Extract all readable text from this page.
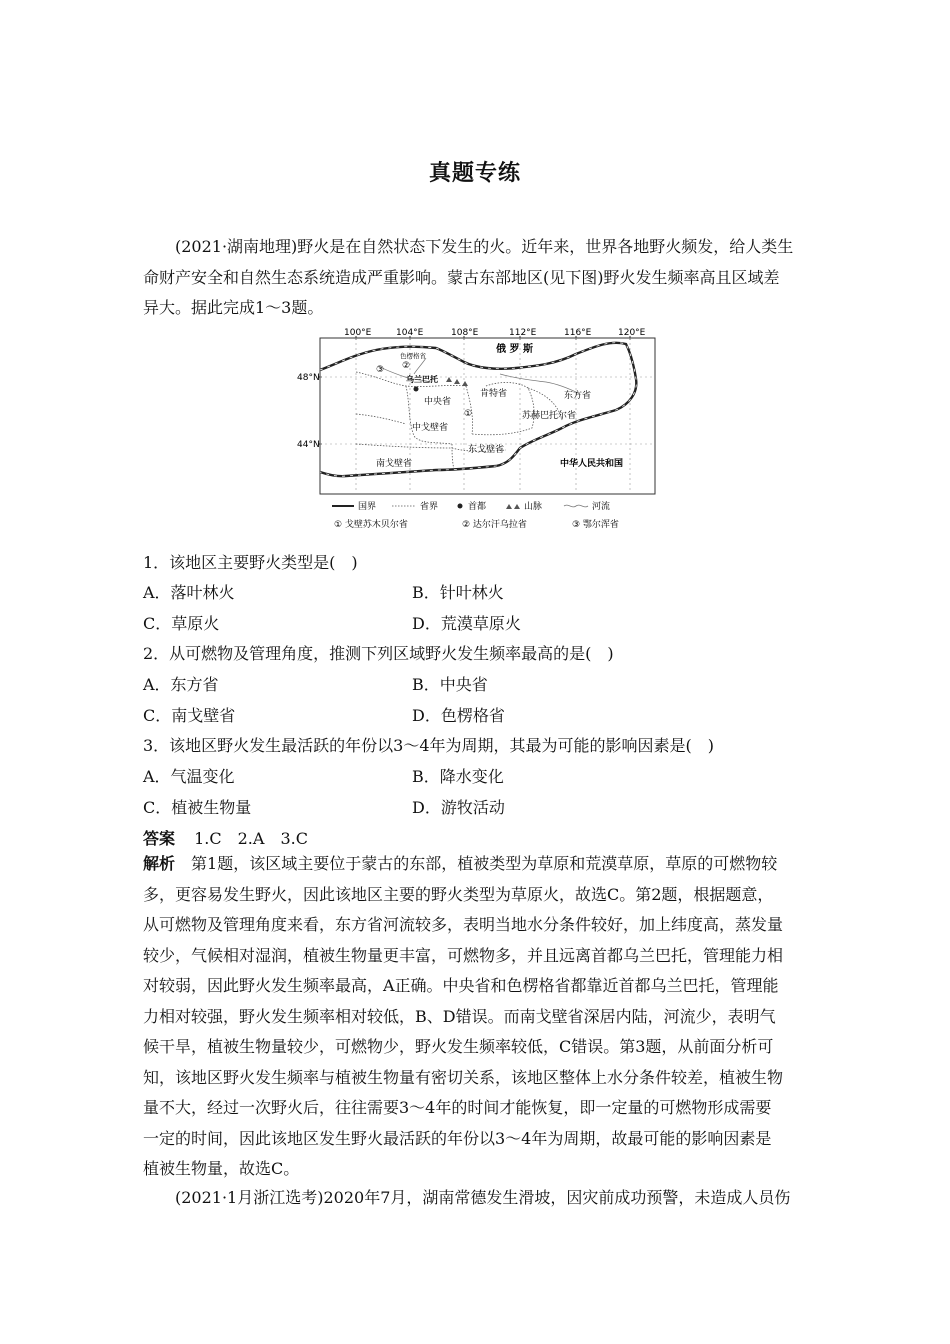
真题专练
(2021·湖南地理)野火是在自然状态下发生的火。近年来，世界各地野火频发，给人类生
命财产安全和自然生态系统造成严重影响。蒙古东部地区(见下图)野火发生频率高且区域差
异大。据此完成1～3题。
100°E	104°E	108°E	112°E	116°E	120°E
48°N
44°N
俄 罗 斯
色楞格省
乌兰巴托
中央省
肯特省	东方省
苏赫巴托尔省
中戈壁省
东戈壁省
南戈壁省	中华人民共和国
①
②
③
国界	省界	首都	山脉	河流
① 戈壁苏木贝尔省	② 达尔汗乌拉省	③ 鄂尔浑省
1．该地区主要野火类型是(　)
A．落叶林火	B．针叶林火
C．草原火	D．荒漠草原火
2．从可燃物及管理角度，推测下列区域野火发生频率最高的是(　)
A．东方省	B．中央省
C．南戈壁省	D．色楞格省
3．该地区野火发生最活跃的年份以3～4年为周期，其最为可能的影响因素是(　)
A．气温变化	B．降水变化
C．植被生物量	D．游牧活动
答案 1.C　2.A　3.C
解析 第1题，该区域主要位于蒙古的东部，植被类型为草原和荒漠草原，草原的可燃物较
多，更容易发生野火，因此该地区主要的野火类型为草原火，故选C。第2题，根据题意，
从可燃物及管理角度来看，东方省河流较多，表明当地水分条件较好，加上纬度高，蒸发量
较少，气候相对湿润，植被生物量更丰富，可燃物多，并且远离首都乌兰巴托，管理能力相
对较弱，因此野火发生频率最高，A正确。中央省和色楞格省都靠近首都乌兰巴托，管理能
力相对较强，野火发生频率相对较低，B、D错误。而南戈壁省深居内陆，河流少，表明气
候干旱，植被生物量较少，可燃物少，野火发生频率较低，C错误。第3题，从前面分析可
知，该地区野火发生频率与植被生物量有密切关系，该地区整体上水分条件较差，植被生物
量不大，经过一次野火后，往往需要3～4年的时间才能恢复，即一定量的可燃物形成需要
一定的时间，因此该地区发生野火最活跃的年份以3～4年为周期，故最可能的影响因素是
植被生物量，故选C。
(2021·1月浙江选考)2020年7月，湖南常德发生滑坡，因灾前成功预警，未造成人员伤
